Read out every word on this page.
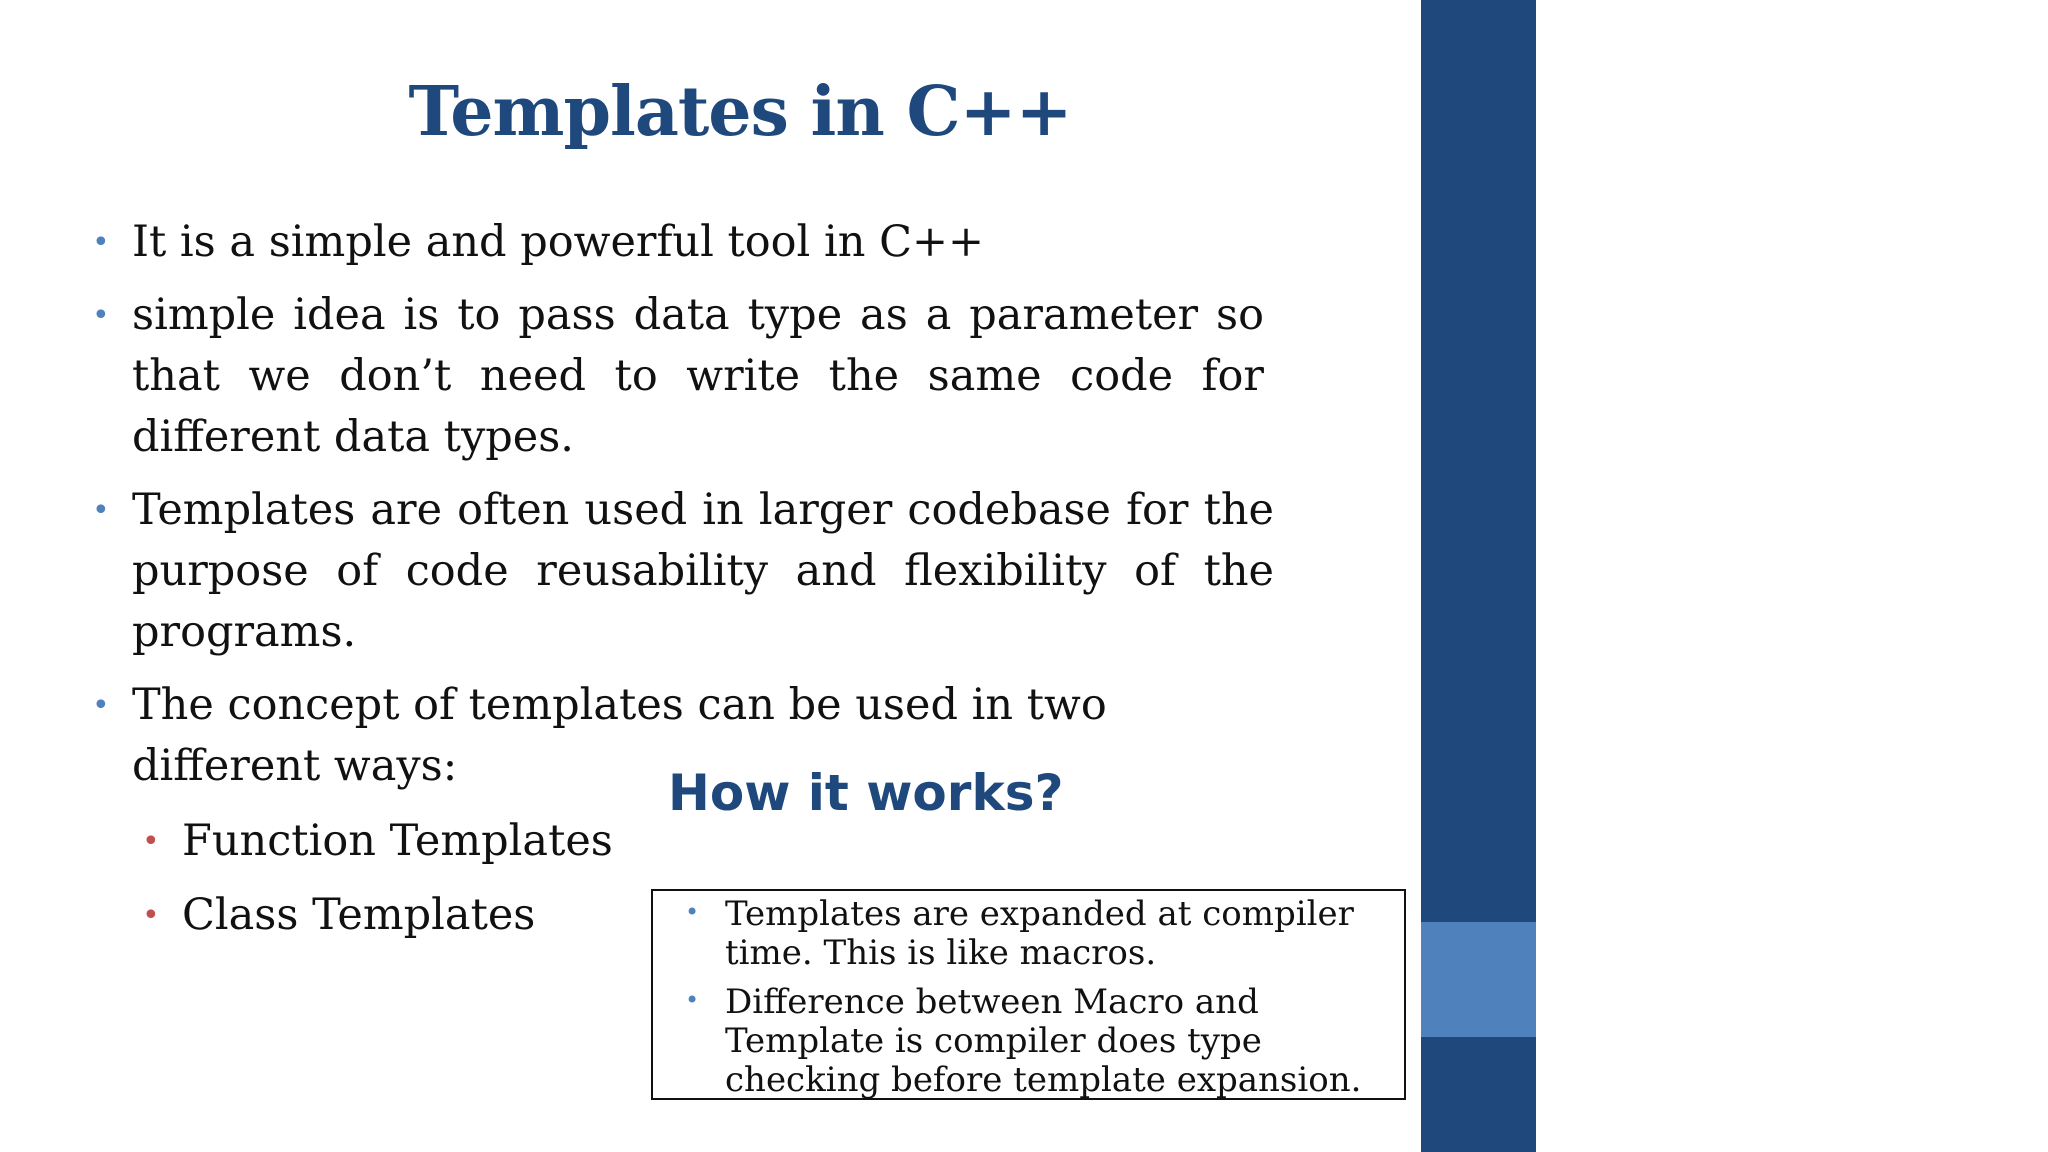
Templates in C++
• It is a simple and powerful tool in C++
• simple idea is to pass data type as a parameter so that we don’t need to write the same code for different data types.
• Templates are often used in larger codebase for the purpose of code reusability and flexibility of the programs.
• The concept of templates can be used in two different ways:
• Function Templates
• Class Templates
How it works?
• Templates are expanded at compiler time. This is like macros.
• Difference between Macro and Template is compiler does type checking before template expansion.
